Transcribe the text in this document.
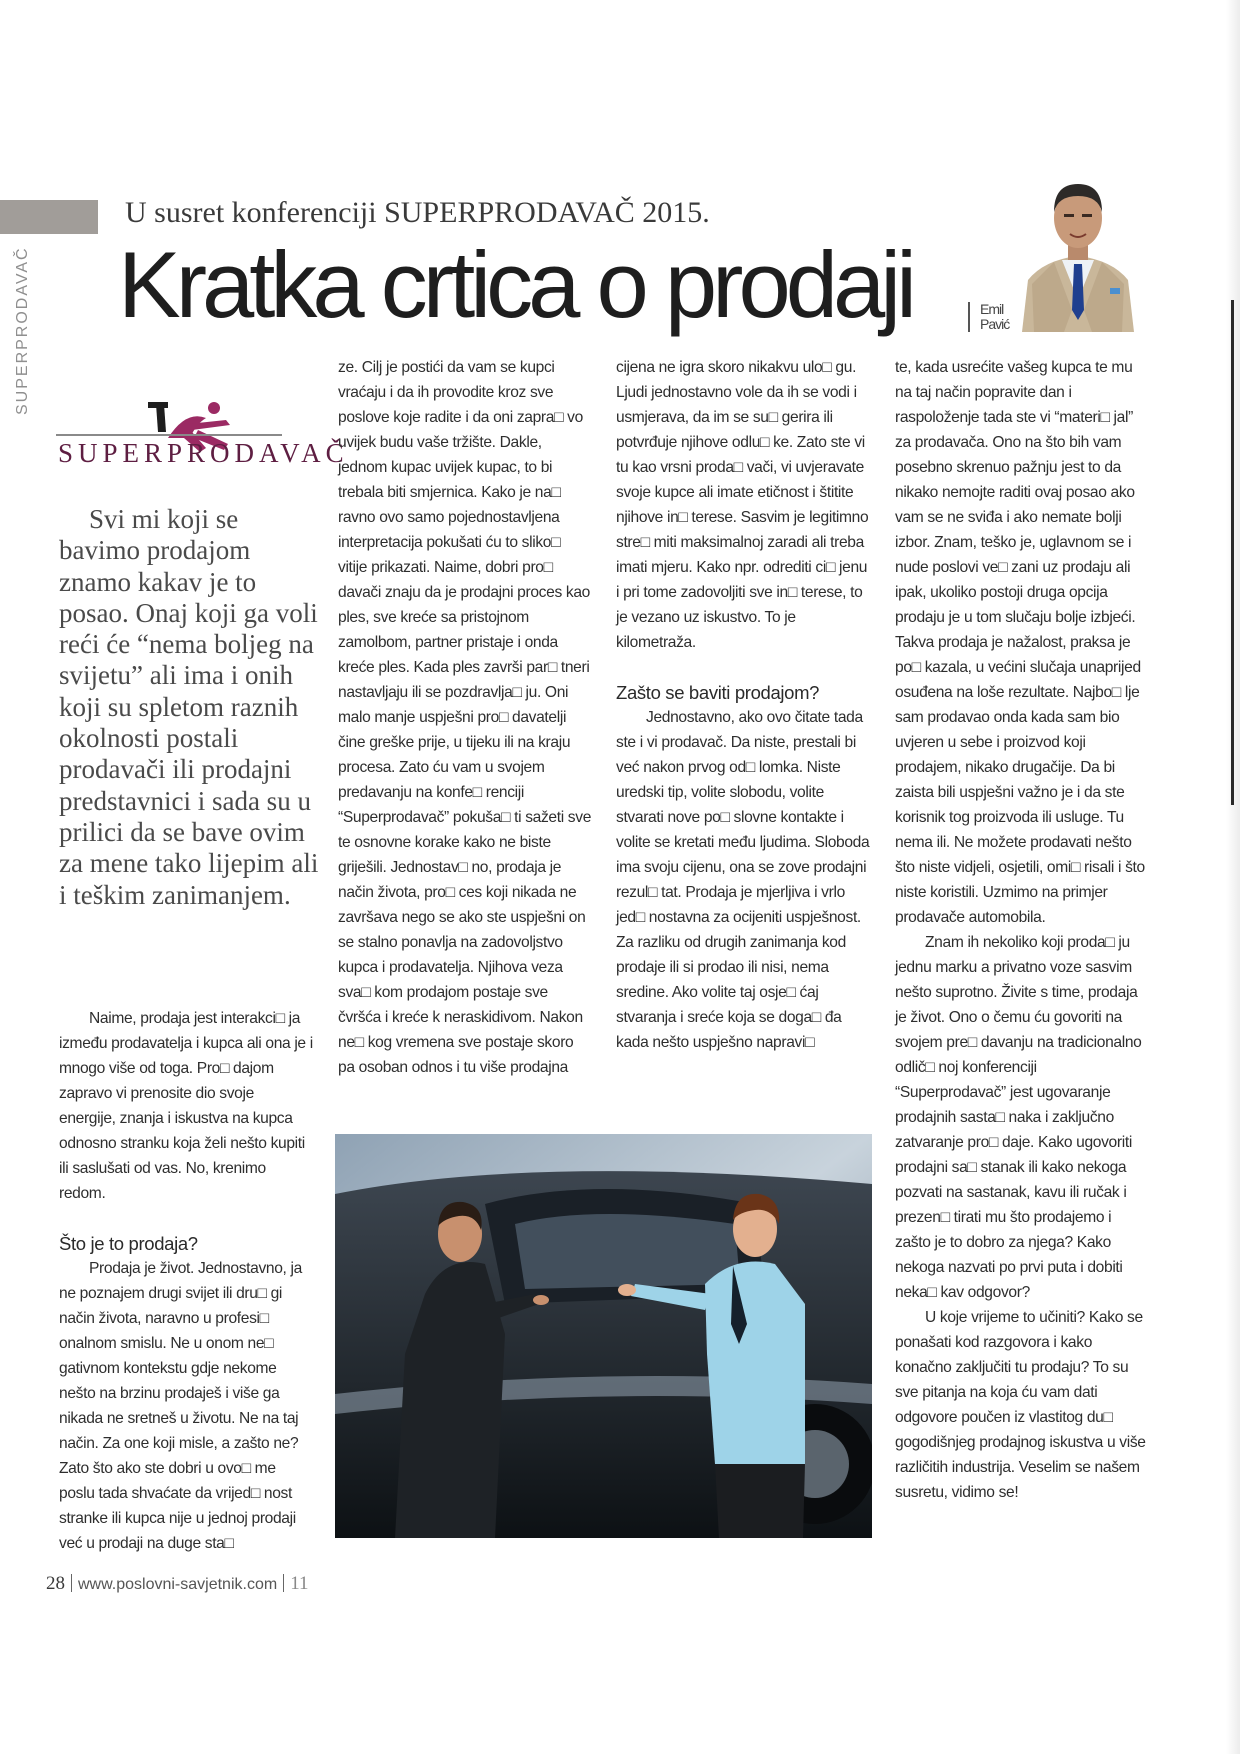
SUPERPRODAVAČ
U susret konferenciji SUPERPRODAVAČ 2015.
Kratka crtica o prodaji	Emil
Pavić
SUPERPRODAVAČ

Svi mi koji se bavimo prodajom znamo kakav je to posao. Onaj koji ga voli reći će “nema boljeg na svijetu” ali ima i onih koji su spletom raznih okolnosti postali prodavači ili prodajni predstavnici i sada su u prilici da se bave ovim za mene tako lijepim ali i teškim zanimanjem.

Naime, prodaja jest interakci□ ja između prodavatelja i kupca ali ona je i mnogo više od toga. Pro□ dajom zapravo vi prenosite dio svoje energije, znanja i iskustva na kupca odnosno stranku koja želi nešto kupiti ili saslušati od vas. No, krenimo redom.

Što je to prodaja?

Prodaja je život. Jednostavno, ja ne poznajem drugi svijet ili dru□ gi način života, naravno u profesi□ onalnom smislu. Ne u onom ne□ gativnom kontekstu gdje nekome nešto na brzinu prodaješ i više ga nikada ne sretneš u životu. Ne na taj način. Za one koji misle, a zašto ne? Zato što ako ste dobri u ovo□ me poslu tada shvaćate da vrijed□ nost stranke ili kupca nije u jednoj prodaji već u prodaji na duge sta□

ze. Cilj je postići da vam se kupci vraćaju i da ih provodite kroz sve poslove koje radite i da oni zapra□ vo uvijek budu vaše tržište. Dakle, jednom kupac uvijek kupac, to bi trebala biti smjernica. Kako je na□ ravno ovo samo pojednostavljena interpretacija pokušati ću to sliko□ vitije prikazati. Naime, dobri pro□ davači znaju da je prodajni proces kao ples, sve kreće sa pristojnom zamolbom, partner pristaje i onda kreće ples. Kada ples završi par□ tneri nastavljaju ili se pozdravlja□ ju. Oni malo manje uspješni pro□ davatelji čine greške prije, u tijeku ili na kraju procesa. Zato ću vam u svojem predavanju na konfe□ renciji “Superprodavač” pokuša□ ti sažeti sve te osnovne korake kako ne biste griješili. Jednostav□ no, prodaja je način života, pro□ ces koji nikada ne završava nego se ako ste uspješni on se stalno ponavlja na zadovoljstvo kupca i prodavatelja. Njihova veza sva□ kom prodajom postaje sve čvršća i kreće k neraskidivom. Nakon ne□ kog vremena sve postaje skoro pa osoban odnos i tu više prodajna

cijena ne igra skoro nikakvu ulo□ gu. Ljudi jednostavno vole da ih se vodi i usmjerava, da im se su□ gerira ili potvrđuje njihove odlu□ ke. Zato ste vi tu kao vrsni proda□ vači, vi uvjeravate svoje kupce ali imate etičnost i štitite njihove in□ terese. Sasvim je legitimno stre□ miti maksimalnoj zaradi ali treba imati mjeru. Kako npr. odrediti ci□ jenu i pri tome zadovoljiti sve in□ terese, to je vezano uz iskustvo. To je kilometraža.

Zašto se baviti prodajom?

Jednostavno, ako ovo čitate tada ste i vi prodavač. Da niste, prestali bi već nakon prvog od□ lomka. Niste uredski tip, volite slobodu, volite stvarati nove po□ slovne kontakte i volite se kretati među ljudima. Sloboda ima svoju cijenu, ona se zove prodajni rezul□ tat. Prodaja je mjerljiva i vrlo jed□ nostavna za ocijeniti uspješnost. Za razliku od drugih zanimanja kod prodaje ili si prodao ili nisi, nema sredine. Ako volite taj osje□ ćaj stvaranja i sreće koja se doga□ đa kada nešto uspješno napravi□

te, kada usrećite vašeg kupca te mu na taj način popravite dan i raspoloženje tada ste vi “materi□ jal” za prodavača. Ono na što bih vam posebno skrenuo pažnju jest to da nikako nemojte raditi ovaj posao ako vam se ne sviđa i ako nemate bolji izbor. Znam, teško je, uglavnom se i nude poslovi ve□ zani uz prodaju ali ipak, ukoliko postoji druga opcija prodaju je u tom slučaju bolje izbjeći. Takva prodaja je nažalost, praksa je po□ kazala, u većini slučaja unaprijed osuđena na loše rezultate. Najbo□ lje sam prodavao onda kada sam bio uvjeren u sebe i proizvod koji prodajem, nikako drugačije. Da bi zaista bili uspješni važno je i da ste korisnik tog proizvoda ili usluge. Tu nema ili. Ne možete prodavati nešto što niste vidjeli, osjetili, omi□ risali i što niste koristili. Uzmimo na primjer prodavače automobila.

Znam ih nekoliko koji proda□ ju jednu marku a privatno voze sasvim nešto suprotno. Živite s time, prodaja je život. Ono o čemu ću govoriti na svojem pre□ davanju na tradicionalno odlič□ noj konferenciji “Superprodavač” jest ugovaranje prodajnih sasta□ naka i zaključno zatvaranje pro□ daje. Kako ugovoriti prodajni sa□ stanak ili kako nekoga pozvati na sastanak, kavu ili ručak i prezen□ tirati mu što prodajemo i zašto je to dobro za njega? Kako nekoga nazvati po prvi puta i dobiti neka□ kav odgovor?

U koje vrijeme to učiniti? Kako se ponašati kod razgovora i kako konačno zaključiti tu prodaju? To su sve pitanja na koja ću vam dati odgovore poučen iz vlastitog du□ gogodišnjeg prodajnog iskustva u više različitih industrija. Veselim se našem susretu, vidimo se!

28 www.poslovni-savjetnik.com 11
